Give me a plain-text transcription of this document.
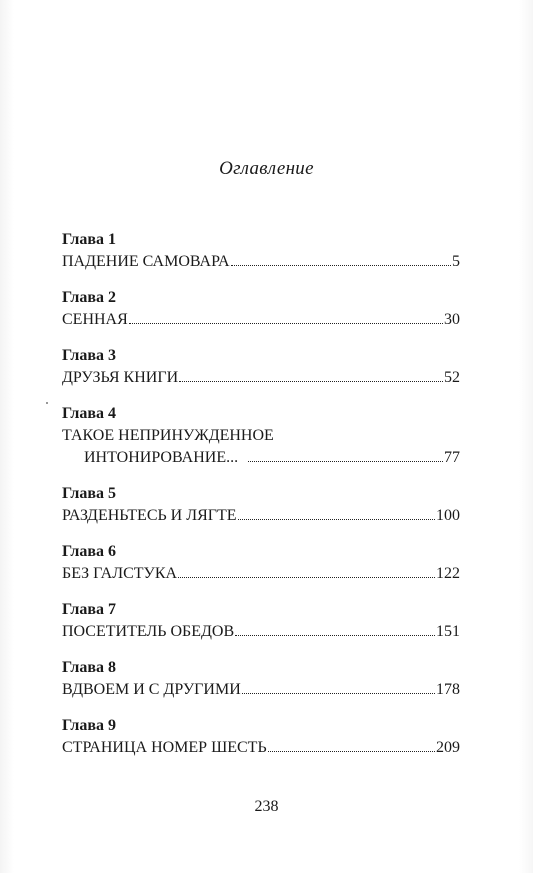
Оглавление
Глава 1
ПАДЕНИЕ САМОВАРА	5
Глава 2
СЕННАЯ	30
Глава 3
ДРУЗЬЯ КНИГИ	52
Глава 4
ТАКОЕ НЕПРИНУЖДЕННОЕ
ИНТОНИРОВАНИЕ...	77
Глава 5
РАЗДЕНЬТЕСЬ И ЛЯГТЕ	100
Глава 6
БЕЗ ГАЛСТУКА	122
Глава 7
ПОСЕТИТЕЛЬ ОБЕДОВ	151
Глава 8
ВДВОЕМ И С ДРУГИМИ	178
Глава 9
СТРАНИЦА НОМЕР ШЕСТЬ	209
238
